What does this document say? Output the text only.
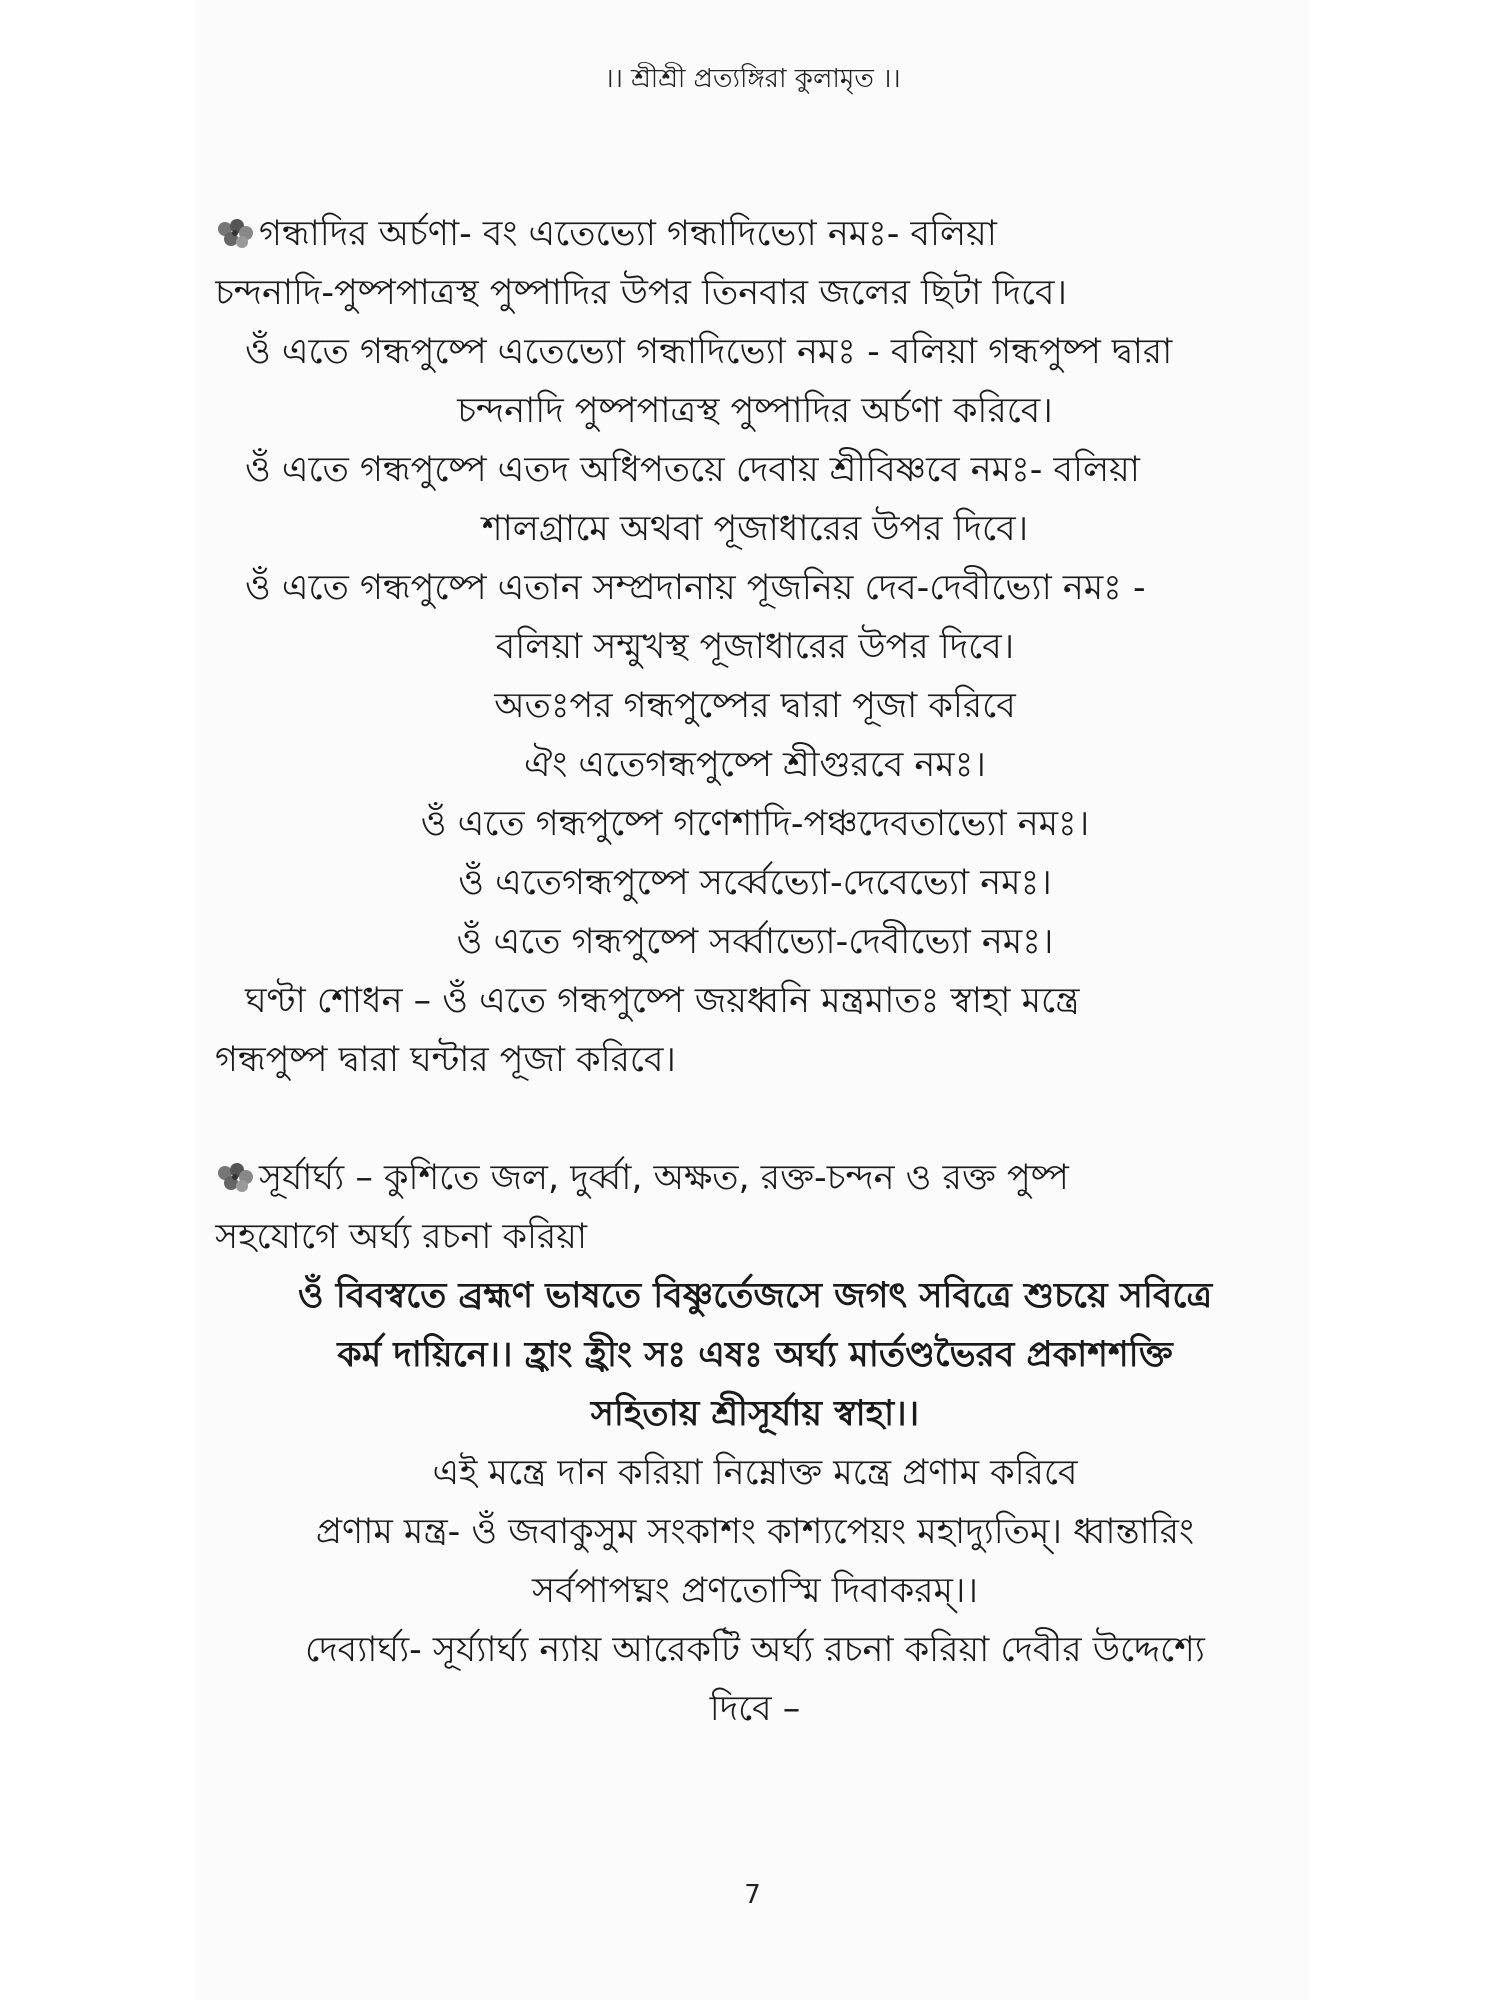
।। শ্রীশ্রী প্রত্যঙ্গিরা কুলামৃত ।।
গন্ধাদির অর্চণা- বং এতেভ্যো গন্ধাদিভ্যো নমঃ- বলিয়া
চন্দনাদি-পুষ্পপাত্রস্থ পুষ্পাদির উপর তিনবার জলের ছিটা দিবে।
ওঁ এতে গন্ধপুষ্পে এতেভ্যো গন্ধাদিভ্যো নমঃ - বলিয়া গন্ধপুষ্প দ্বারা
চন্দনাদি পুষ্পপাত্রস্থ পুষ্পাদির অর্চণা করিবে।
ওঁ এতে গন্ধপুষ্পে এতদ অধিপতয়ে দেবায় শ্রীবিষ্ণবে নমঃ- বলিয়া
শালগ্রামে অথবা পূজাধারের উপর দিবে।
ওঁ এতে গন্ধপুষ্পে এতান সম্প্রদানায় পূজনিয় দেব-দেবীভ্যো নমঃ -
বলিয়া সম্মুখস্থ পূজাধারের উপর দিবে।
অতঃপর গন্ধপুষ্পের দ্বারা পূজা করিবে
ঐং এতেগন্ধপুষ্পে শ্রীগুরবে নমঃ।
ওঁ এতে গন্ধপুষ্পে গণেশাদি-পঞ্চদেবতাভ্যো নমঃ।
ওঁ এতেগন্ধপুষ্পে সর্ব্বেভ্যো-দেবেভ্যো নমঃ।
ওঁ এতে গন্ধপুষ্পে সর্ব্বাভ্যো-দেবীভ্যো নমঃ।
ঘণ্টা শোধন – ওঁ এতে গন্ধপুষ্পে জয়ধ্বনি মন্ত্রমাতঃ স্বাহা মন্ত্রে
গন্ধপুষ্প দ্বারা ঘন্টার পূজা করিবে।
সূর্যার্ঘ্য – কুশিতে জল, দুর্ব্বা, অক্ষত, রক্ত-চন্দন ও রক্ত পুষ্প
সহযোগে অর্ঘ্য রচনা করিয়া
ওঁ বিবস্বতে ব্রহ্মণ ভাষতে বিষ্ণুর্তেজসে জগৎ সবিত্রে শুচয়ে সবিত্রে
কর্ম দায়িনে।। হ্রাং হ্রীং সঃ এষঃ অর্ঘ্য মার্তণ্ডভৈরব প্রকাশশক্তি
সহিতায় শ্রীসূর্যায় স্বাহা।।
এই মন্ত্রে দান করিয়া নিম্নোক্ত মন্ত্রে প্রণাম করিবে
প্রণাম মন্ত্র- ওঁ জবাকুসুম সংকাশং কাশ্যপেয়ং মহাদ্যুতিম্। ধ্বান্তারিং
সর্বপাপঘ্নং প্রণতোস্মি দিবাকরম্।।
দেব্যার্ঘ্য- সূর্য্যার্ঘ্য ন্যায় আরেকটি অর্ঘ্য রচনা করিয়া দেবীর উদ্দেশ্যে
দিবে –
7
